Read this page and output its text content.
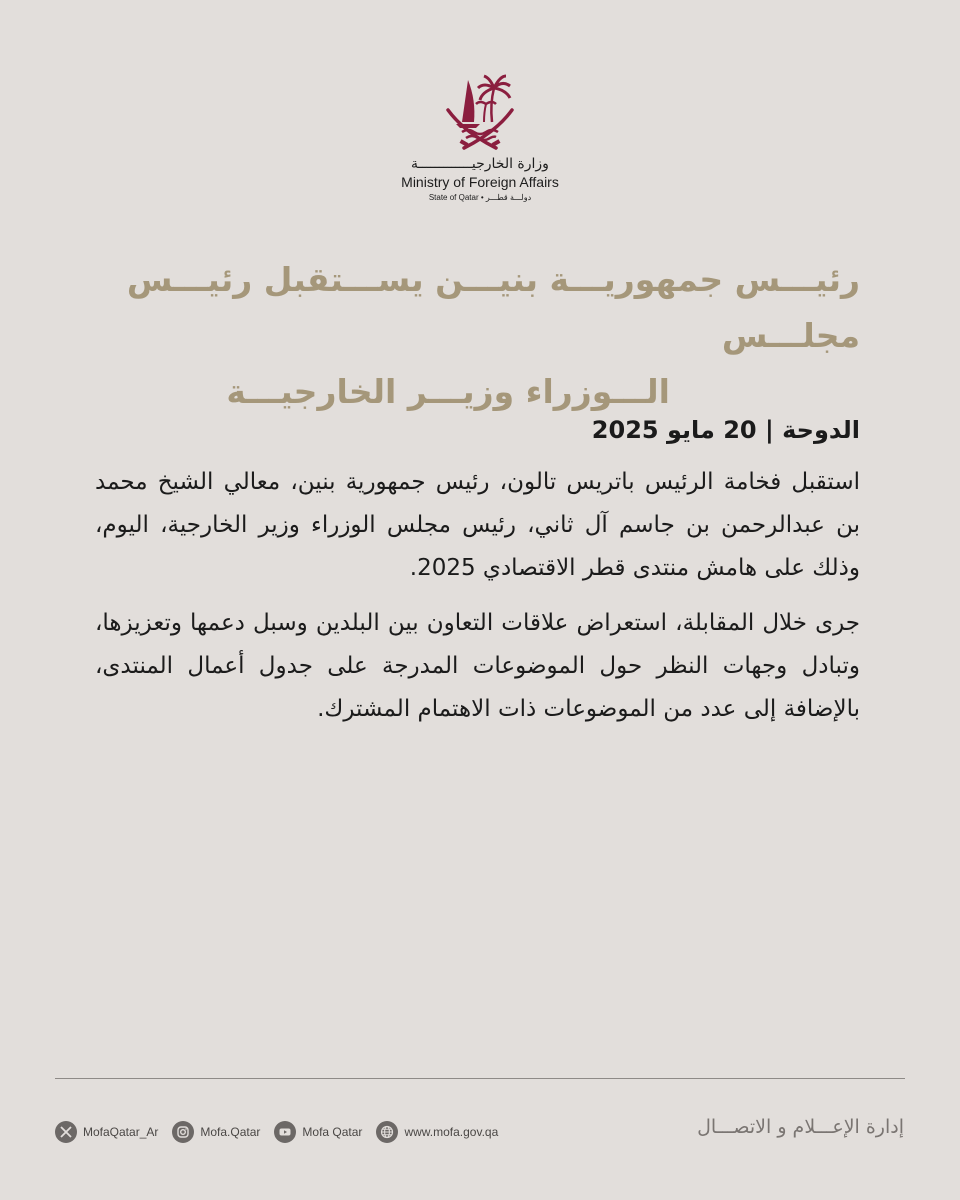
وزارة الخارجيـــــــــــــة
Ministry of Foreign Affairs
State of Qatar • دولـــة قطـــر
رئيـــس جمهوريـــة بنيـــن يســـتقبل رئيـــس مجلـــس
الـــوزراء وزيـــر الخارجيـــة

الدوحة | 20 مايو 2025

استقبل فخامة الرئيس باتريس تالون، رئيس جمهورية بنين، معالي الشيخ محمد بن عبدالرحمن بن جاسم آل ثاني، رئيس مجلس الوزراء وزير الخارجية، اليوم، وذلك على هامش منتدى قطر الاقتصادي 2025.

جرى خلال المقابلة، استعراض علاقات التعاون بين البلدين وسبل دعمها وتعزيزها، وتبادل وجهات النظر حول الموضوعات المدرجة على جدول أعمال المنتدى، بالإضافة إلى عدد من الموضوعات ذات الاهتمام المشترك.

إدارة الإعـــلام و الاتصـــال
MofaQatar_Ar	Mofa.Qatar	Mofa Qatar	www.mofa.gov.qa
